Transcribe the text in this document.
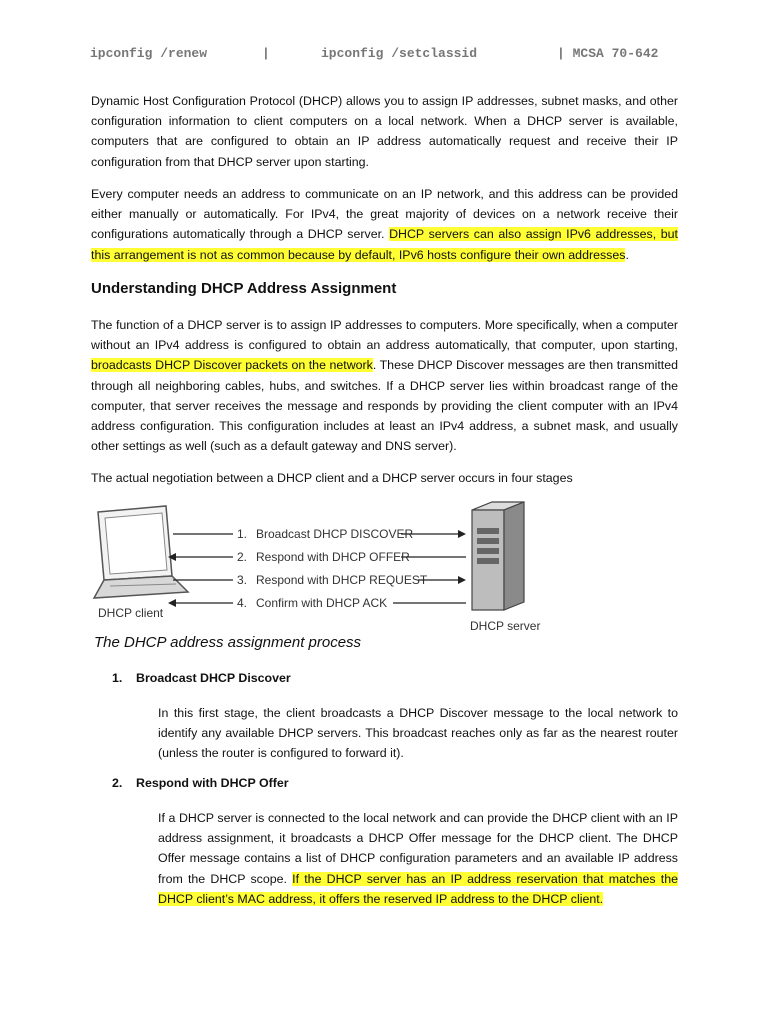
ipconfig /renew	|	ipconfig /setclassid	| MCSA 70-642

Dynamic Host Configuration Protocol (DHCP) allows you to assign IP addresses, subnet masks, and other configuration information to client computers on a local network. When a DHCP server is available, computers that are configured to obtain an IP address automatically request and receive their IP configuration from that DHCP server upon starting.

Every computer needs an address to communicate on an IP network, and this address can be provided either manually or automatically. For IPv4, the great majority of devices on a network receive their configurations automatically through a DHCP server. DHCP servers can also assign IPv6 addresses, but this arrangement is not as common because by default, IPv6 hosts configure their own addresses.

Understanding DHCP Address Assignment

The function of a DHCP server is to assign IP addresses to computers. More specifically, when a computer without an IPv4 address is configured to obtain an address automatically, that computer, upon starting, broadcasts DHCP Discover packets on the network. These DHCP Discover messages are then transmitted through all neighboring cables, hubs, and switches. If a DHCP server lies within broadcast range of the computer, that server receives the message and responds by providing the client computer with an IPv4 address configuration. This configuration includes at least an IPv4 address, a subnet mask, and usually other settings as well (such as a default gateway and DNS server).

The actual negotiation between a DHCP client and a DHCP server occurs in four stages

DHCP client
DHCP server
1. Broadcast DHCP DISCOVER
2. Respond with DHCP OFFER
3. Respond with DHCP REQUEST
4. Confirm with DHCP ACK

The DHCP address assignment process

1. Broadcast DHCP Discover

In this first stage, the client broadcasts a DHCP Discover message to the local network to identify any available DHCP servers. This broadcast reaches only as far as the nearest router (unless the router is configured to forward it).

2. Respond with DHCP Offer

If a DHCP server is connected to the local network and can provide the DHCP client with an IP address assignment, it broadcasts a DHCP Offer message for the DHCP client. The DHCP Offer message contains a list of DHCP configuration parameters and an available IP address from the DHCP scope. If the DHCP server has an IP address reservation that matches the DHCP client’s MAC address, it offers the reserved IP address to the DHCP client.
